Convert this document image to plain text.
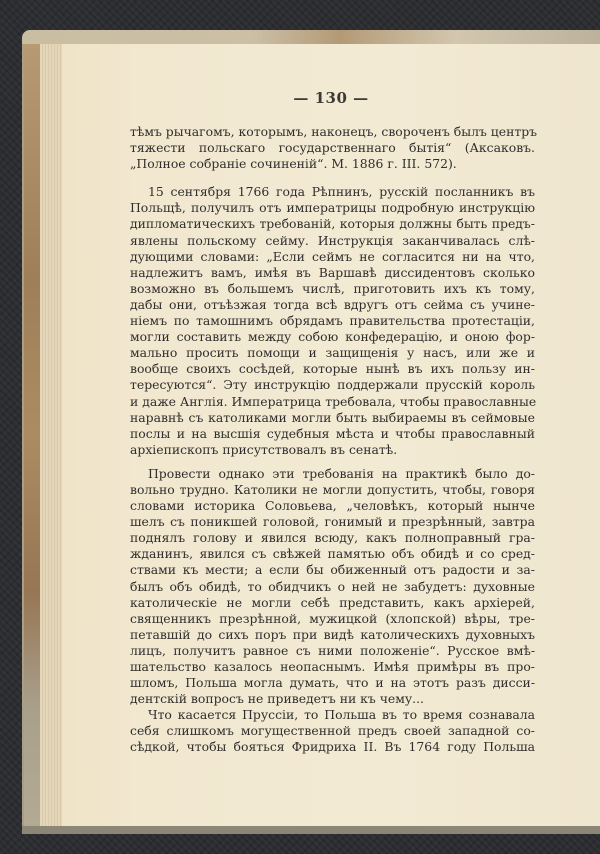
— 130 —
тѣмъ рычагомъ, которымъ, наконецъ, свороченъ былъ центръ
тяжести польскаго государственнаго бытія“ (Аксаковъ.
„Полное собраніе сочиненій“. М. 1886 г. III. 572).
15 сентября 1766 года Рѣпнинъ, русскій посланникъ въ
Польщѣ, получилъ отъ императрицы подробную инструкцію
дипломатическихъ требованій, которыя должны быть предъ-
явлены польскому сейму. Инструкція заканчивалась слѣ-
дующими словами: „Если сеймъ не согласится ни на что,
надлежитъ вамъ, имѣя въ Варшавѣ диссидентовъ сколько
возможно въ большемъ числѣ, приготовить ихъ къ тому,
дабы они, отъѣзжая тогда всѣ вдругъ отъ сейма съ учине-
ніемъ по тамошнимъ обрядамъ правительства протестаціи,
могли составить между собою конфедерацію, и оною фор-
мально просить помощи и защищенія у насъ, или же и
вообще своихъ сосѣдей, которые нынѣ въ ихъ пользу ин-
тересуются“. Эту инструкцію поддержали прусскій король
и даже Англія. Императрица требовала, чтобы православные
наравнѣ съ католиками могли быть выбираемы въ сеймовые
послы и на высшія судебныя мѣста и чтобы православный
архіепископъ присутствовалъ въ сенатѣ.
Провести однако эти требованія на практикѣ было до-
вольно трудно. Католики не могли допустить, чтобы, говоря
словами историка Соловьева, „человѣкъ, который нынче
шелъ съ поникшей головой, гонимый и презрѣнный, завтра
поднялъ голову и явился всюду, какъ полноправный гра-
жданинъ, явился съ свѣжей памятью объ обидѣ и со сред-
ствами къ мести; а если бы обиженный отъ радости и за-
былъ объ обидѣ, то обидчикъ о ней не забудетъ: духовные
католическіе не могли себѣ представить, какъ архіерей,
священникъ презрѣнной, мужицкой (хлопской) вѣры, тре-
петавшій до сихъ поръ при видѣ католическихъ духовныхъ
лицъ, получитъ равное съ ними положеніе“. Русское вмѣ-
шательство казалось неопаснымъ. Имѣя примѣры въ про-
шломъ, Польша могла думать, что и на этотъ разъ дисси-
дентскій вопросъ не приведетъ ни къ чему...
Что касается Пруссіи, то Польша въ то время сознавала
себя слишкомъ могущественной предъ своей западной со-
сѣдкой, чтобы бояться Фридриха II. Въ 1764 году Польша
